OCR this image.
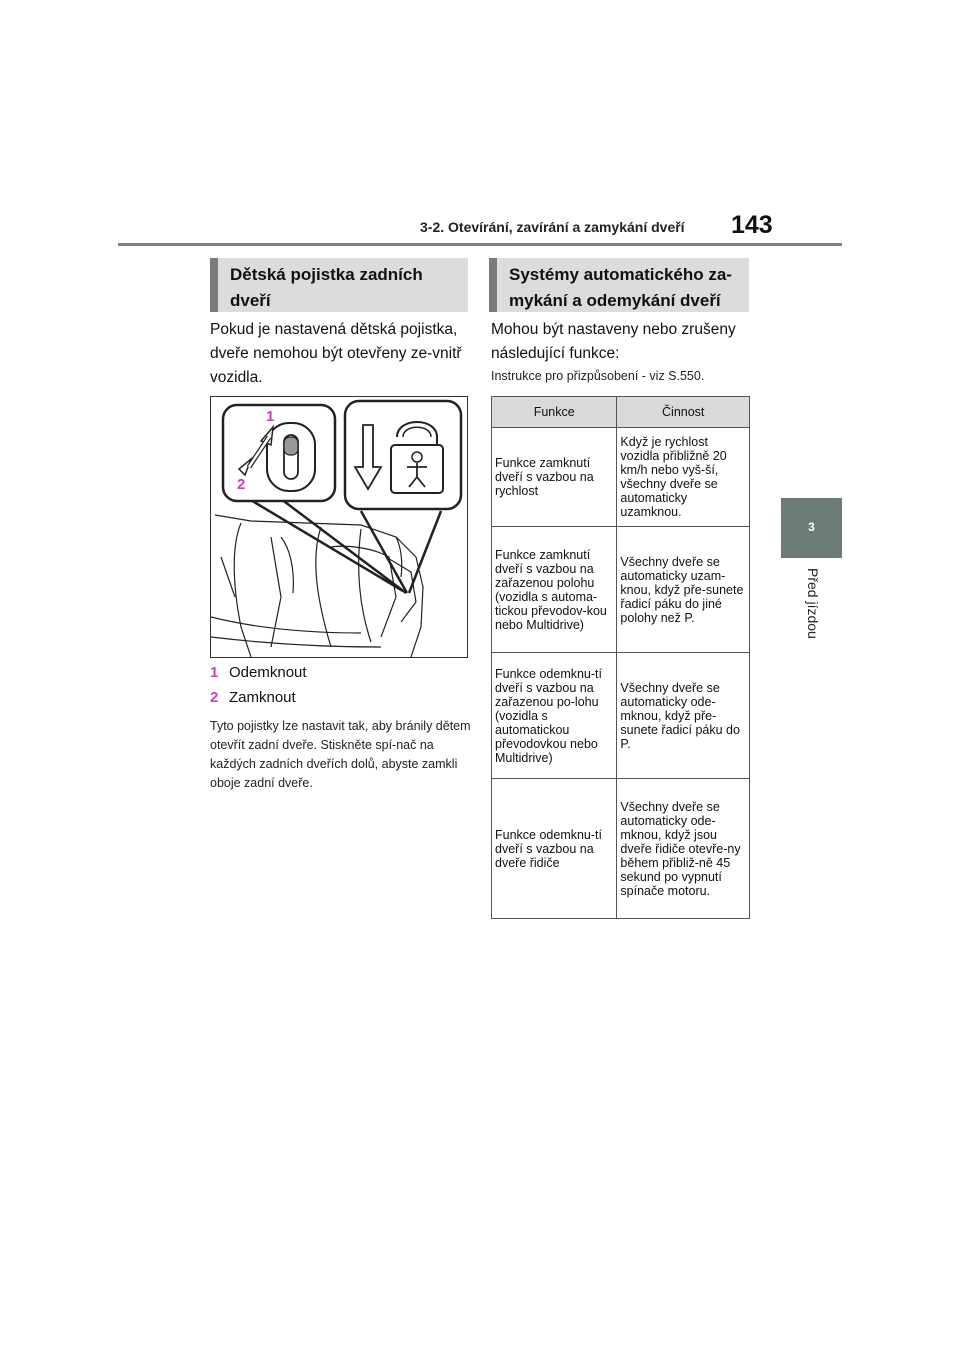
3-2. Otevírání, zavírání a zamykání dveří 143
3
Před jízdou
Dětská pojistka zadních dveří
Systémy automatického za-mykání a odemykání dveří
Pokud je nastavená dětská pojistka, dveře nemohou být otevřeny ze-vnitř vozidla.
1
2
1 Odemknout
2 Zamknout
Tyto pojistky lze nastavit tak, aby bránily dětem otevřít zadní dveře. Stiskněte spí-nač na každých zadních dveřích dolů, abyste zamkli oboje zadní dveře.
Mohou být nastaveny nebo zrušeny následující funkce:
Instrukce pro přizpůsobení - viz S.550.
Funkce	Činnost
Funkce zamknutí dveří s vazbou na rychlost	Když je rychlost vozidla přibližně 20 km/h nebo vyš-ší, všechny dveře se automaticky uzamknou.
Funkce zamknutí dveří s vazbou na zařazenou polohu (vozidla s automa-tickou převodov-kou nebo Multidrive)	Všechny dveře se automaticky uzam-knou, když pře-sunete řadicí páku do jiné polohy než P.
Funkce odemknu-tí dveří s vazbou na zařazenou po-lohu (vozidla s automatickou převodovkou nebo Multidrive)	Všechny dveře se automaticky ode-mknou, když pře-sunete řadicí páku do P.
Funkce odemknu-tí dveří s vazbou na dveře řidiče	Všechny dveře se automaticky ode-mknou, když jsou dveře řidiče otevře-ny během přibliž-ně 45 sekund po vypnutí spínače motoru.
